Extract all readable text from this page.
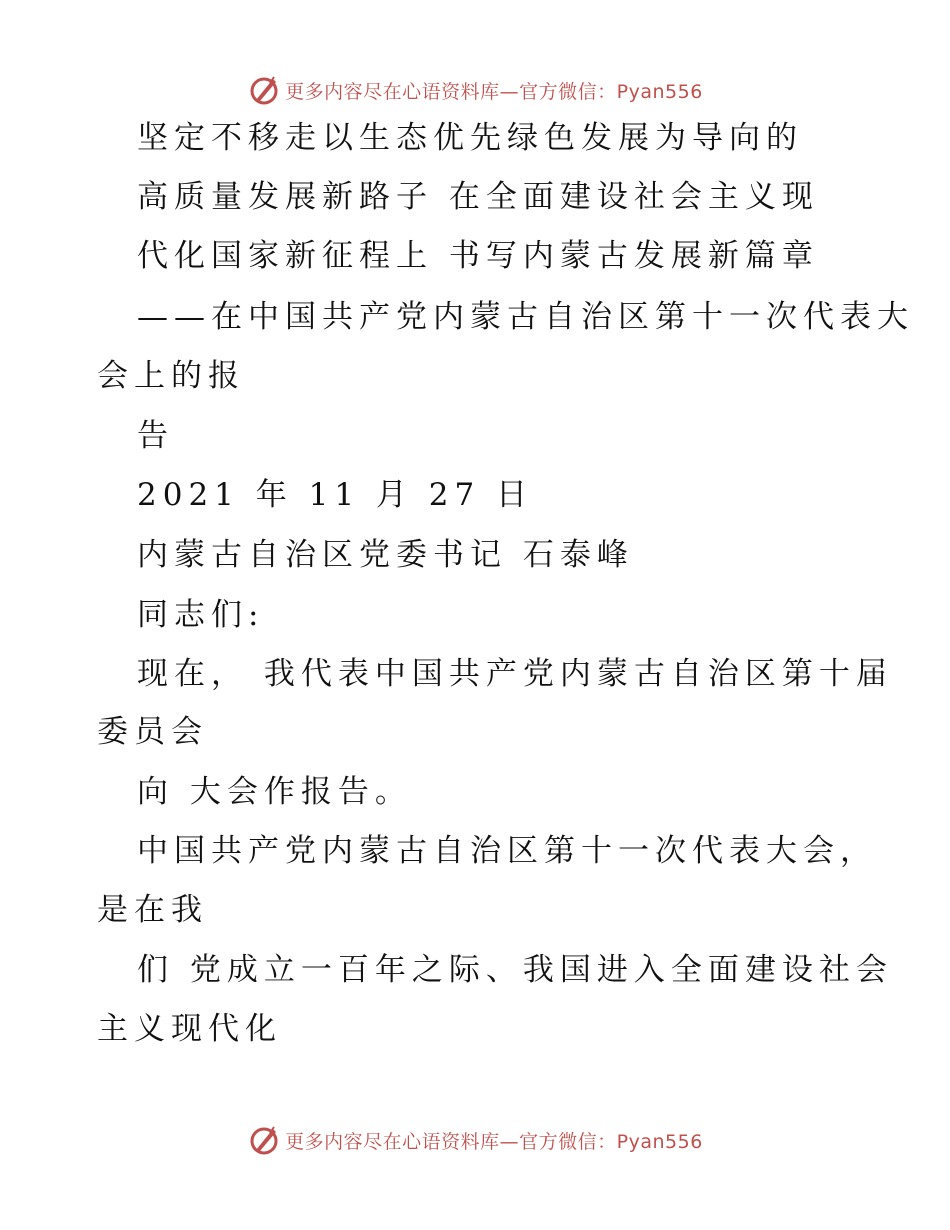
更多内容尽在心语资料库—官方微信：Pyan556
坚定不移走以生态优先绿色发展为导向的
高质量发展新路子 在全面建设社会主义现
代化国家新征程上 书写内蒙古发展新篇章
——在中国共产党内蒙古自治区第十一次代表大
会上的报
告
2021 年 11 月 27 日
内蒙古自治区党委书记 石泰峰
同志们:
现在， 我代表中国共产党内蒙古自治区第十届
委员会
向 大会作报告。
中国共产党内蒙古自治区第十一次代表大会，
是在我
们 党成立一百年之际、我国进入全面建设社会
主义现代化
更多内容尽在心语资料库—官方微信：Pyan556
